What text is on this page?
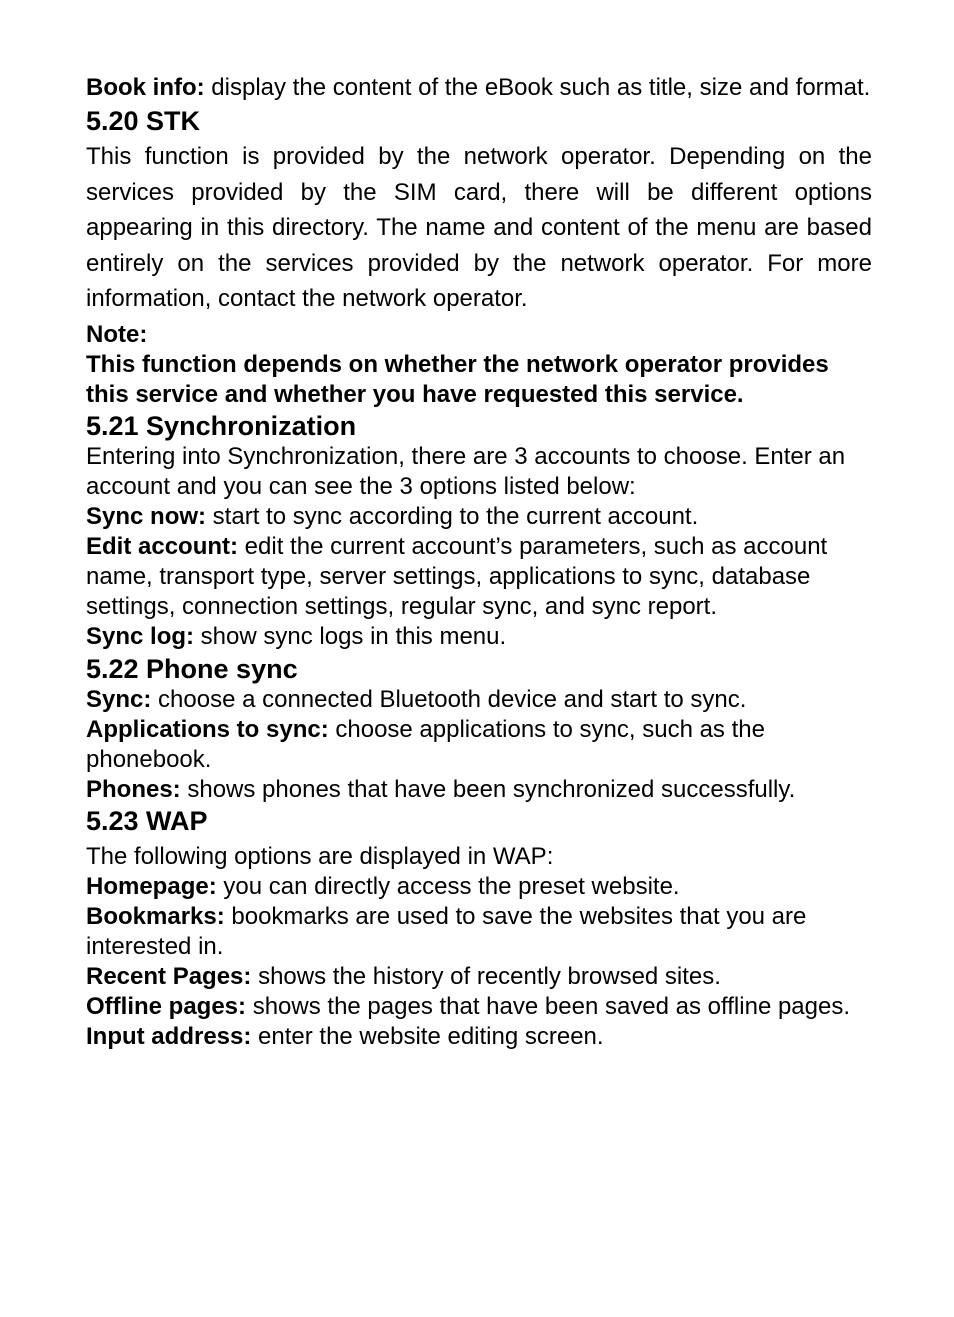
Book info: display the content of the eBook such as title, size and format.

5.20 STK

This function is provided by the network operator. Depending on the services provided by the SIM card, there will be different options appearing in this directory. The name and content of the menu are based entirely on the services provided by the network operator. For more information, contact the network operator.

Note:

This function depends on whether the network operator provides this service and whether you have requested this service.

5.21 Synchronization

Entering into Synchronization, there are 3 accounts to choose. Enter an account and you can see the 3 options listed below:

Sync now: start to sync according to the current account.

Edit account: edit the current account’s parameters, such as account name, transport type, server settings, applications to sync, database settings, connection settings, regular sync, and sync report.

Sync log: show sync logs in this menu.

5.22 Phone sync

Sync: choose a connected Bluetooth device and start to sync.

Applications to sync: choose applications to sync, such as the phonebook.

Phones: shows phones that have been synchronized successfully.

5.23 WAP

The following options are displayed in WAP:

Homepage: you can directly access the preset website.

Bookmarks: bookmarks are used to save the websites that you are interested in.

Recent Pages: shows the history of recently browsed sites.

Offline pages: shows the pages that have been saved as offline pages.

Input address: enter the website editing screen.
